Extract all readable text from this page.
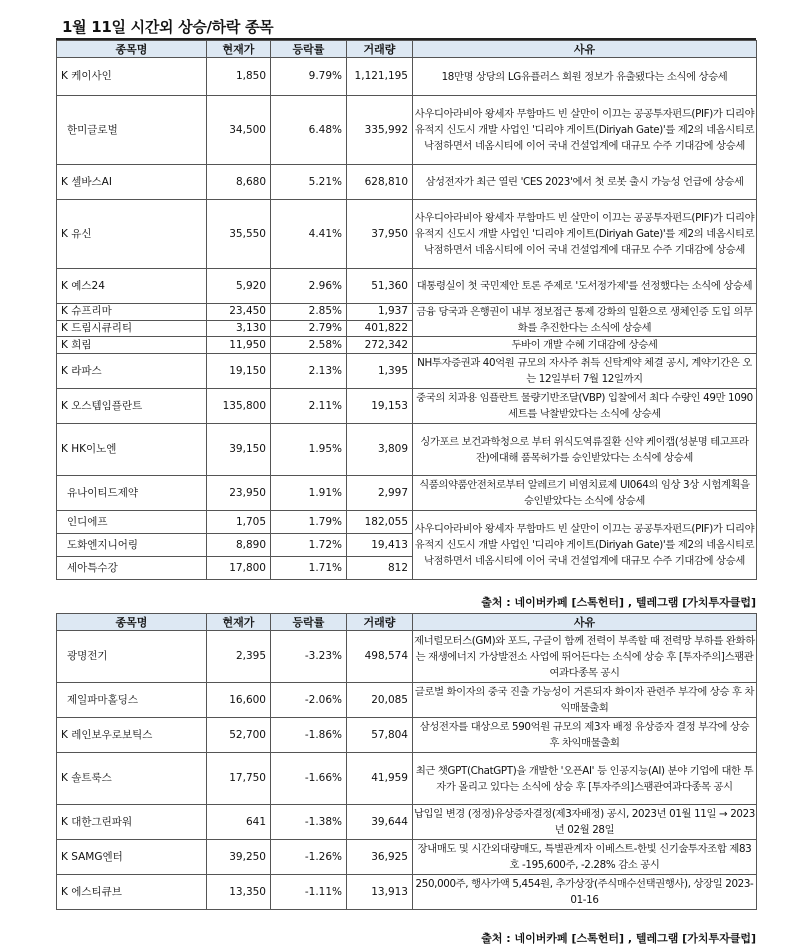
1월 11일 시간외 상승/하락 종목
종목명	현재가	등락률	거래량	사유
K 케이사인	1,850	9.79%	1,121,195	18만명 상당의 LG유플러스 회원 정보가 유출됐다는 소식에 상승세
한미글로벌	34,500	6.48%	335,992	사우디아라비아 왕세자 무함마드 빈 살만이 이끄는 공공투자펀드(PIF)가 디리야 유적지 신도시 개발 사업인 '디리야 게이트(Diriyah Gate)'를 제2의 네옴시티로 낙점하면서 네옴시티에 이어 국내 건설업계에 대규모 수주 기대감에 상승세
K 셀바스AI	8,680	5.21%	628,810	삼성전자가 최근 열린 'CES 2023'에서 첫 로봇 출시 가능성 언급에 상승세
K 유신	35,550	4.41%	37,950	사우디아라비아 왕세자 무함마드 빈 살만이 이끄는 공공투자펀드(PIF)가 디리야 유적지 신도시 개발 사업인 '디리야 게이트(Diriyah Gate)'를 제2의 네옴시티로 낙점하면서 네옴시티에 이어 국내 건설업계에 대규모 수주 기대감에 상승세
K 예스24	5,920	2.96%	51,360	대통령실이 첫 국민제안 토론 주제로 '도서정가제'를 선정했다는 소식에 상승세
K 슈프리마	23,450	2.85%	1,937	금융 당국과 은행권이 내부 정보접근 통제 강화의 일환으로 생체인증 도입 의무화를 추진한다는 소식에 상승세
K 드림시큐리티	3,130	2.79%	401,822	
K 희림	11,950	2.58%	272,342	두바이 개발 수혜 기대감에 상승세
K 라파스	19,150	2.13%	1,395	NH투자증권과 40억원 규모의 자사주 취득 신탁계약 체결 공시, 계약기간은 오는 12일부터 7월 12일까지
K 오스템임플란트	135,800	2.11%	19,153	중국의 치과용 임플란트 물량기반조달(VBP) 입찰에서 최다 수량인 49만 1090세트를 낙찰받았다는 소식에 상승세
K HK이노엔	39,150	1.95%	3,809	싱가포르 보건과학청으로 부터 위식도역류질환 신약 케이캡(성분명 테고프라잔)에대해 품목허가를 승인받았다는 소식에 상승세
유나이티드제약	23,950	1.91%	2,997	식품의약품안전처로부터 알레르기 비염치료제 UI064의 임상 3상 시험계획을 승인받았다는 소식에 상승세
인디에프	1,705	1.79%	182,055	사우디아라비아 왕세자 무함마드 빈 살만이 이끄는 공공투자펀드(PIF)가 디리야 유적지 신도시 개발 사업인 '디리야 게이트(Diriyah Gate)'를 제2의 네옴시티로 낙점하면서 네옴시티에 이어 국내 건설업계에 대규모 수주 기대감에 상승세
도화엔지니어링	8,890	1.72%	19,413	
세아특수강	17,800	1.71%	812	
출처 : 네이버카페 [스톡헌터] , 텔레그램 [가치투자클럽]
종목명	현재가	등락률	거래량	사유
광명전기	2,395	-3.23%	498,574	제너럴모터스(GM)와 포드, 구글이 함께 전력이 부족할 때 전력망 부하를 완화하는 재생에너지 가상발전소 사업에 뛰어든다는 소식에 상승 후 [투자주의]스팸관여과다종목 공시
제일파마홀딩스	16,600	-2.06%	20,085	글로벌 화이자의 중국 진출 가능성이 거론되자 화이자 관련주 부각에 상승 후 차익매물출회
K 레인보우로보틱스	52,700	-1.86%	57,804	삼성전자를 대상으로 590억원 규모의 제3자 배정 유상증자 결정 부각에 상승 후 차익매물출회
K 솔트룩스	17,750	-1.66%	41,959	최근 챗GPT(ChatGPT)을 개발한 '오픈AI' 등 인공지능(AI) 분야 기업에 대한 투자가 몰리고 있다는 소식에 상승 후 [투자주의]스팸관여과다종목 공시
K 대한그린파워	641	-1.38%	39,644	납입일 변경 (정정)유상증자결정(제3자배정) 공시, 2023년 01월 11일 → 2023년 02월 28일
K SAMG엔터	39,250	-1.26%	36,925	장내매도 및 시간외대량매도, 특별관계자 이베스트-한빛 신기술투자조합 제83호 -195,600주, -2.28% 감소 공시
K 에스티큐브	13,350	-1.11%	13,913	250,000주, 행사가액 5,454원, 추가상장(주식매수선택권행사), 상장일 2023-01-16
출처 : 네이버카페 [스톡헌터] , 텔레그램 [가치투자클럽]
